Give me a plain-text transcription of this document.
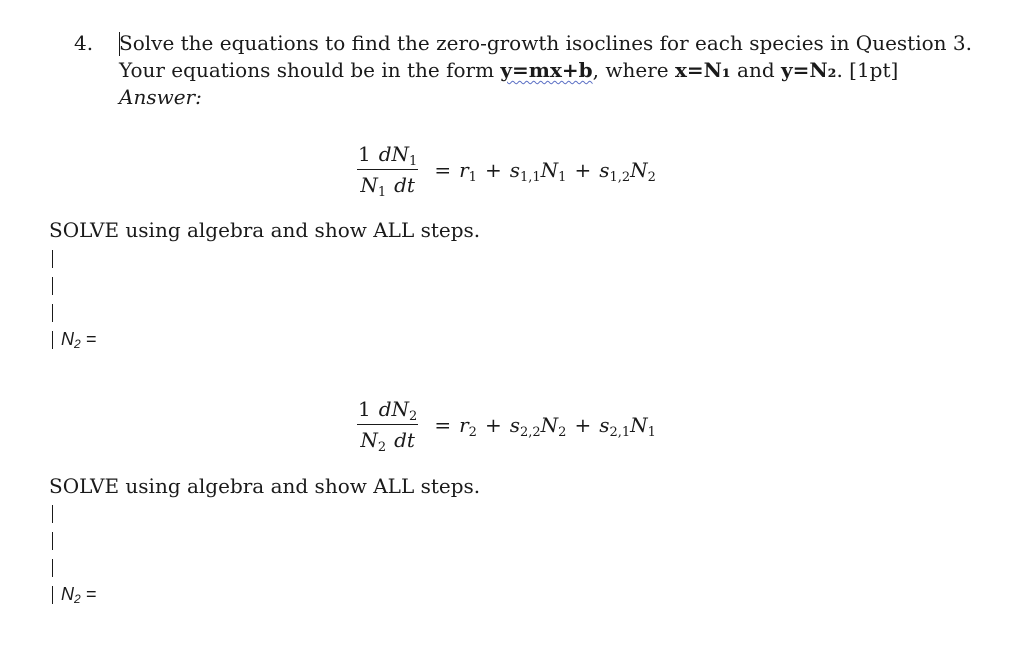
4. Solve the equations to find the zero-growth isoclines for each species in Question 3.
Your equations should be in the form y=mx+b, where x=N₁ and y=N₂. [1pt]
Answer:
$\frac{1 dN_1}{N_1 dt} = r_1 + s_{1,1}N_1 + s_{1,2}N_2$
SOLVE using algebra and show ALL steps.
N2 =
$\frac{1 dN_2}{N_2 dt} = r_2 + s_{2,2}N_2 + s_{2,1}N_1$
SOLVE using algebra and show ALL steps.
N2 =
